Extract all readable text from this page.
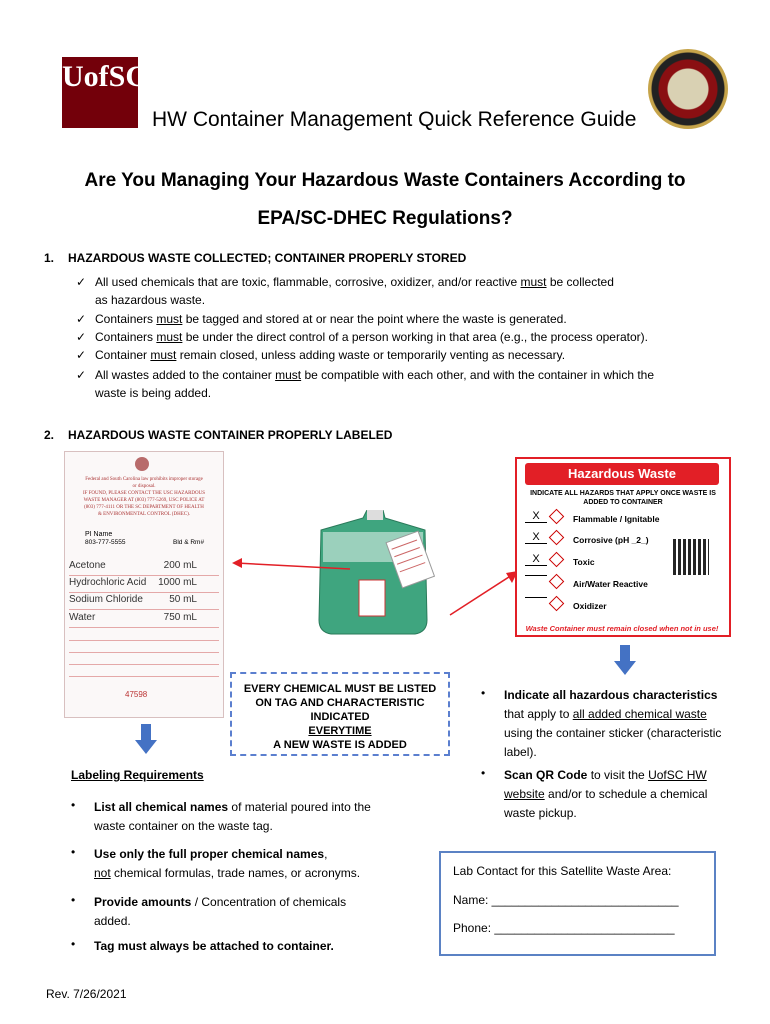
UofSC
HW Container Management Quick Reference Guide
Are You Managing Your Hazardous Waste Containers According to
EPA/SC-DHEC Regulations?
1. HAZARDOUS WASTE COLLECTED; CONTAINER PROPERLY STORED
✓ All used chemicals that are toxic, flammable, corrosive, oxidizer, and/or reactive must be collected
as hazardous waste.
✓ Containers must be tagged and stored at or near the point where the waste is generated.
✓ Containers must be under the direct control of a person working in that area (e.g., the process operator).
✓ Container must remain closed, unless adding waste or temporarily venting as necessary.
✓ All wastes added to the container must be compatible with each other, and with the container in which the
waste is being added.
2. HAZARDOUS WASTE CONTAINER PROPERLY LABELED
Federal and South Carolina law prohibits improper storage
or disposal.
IF FOUND, PLEASE CONTACT THE USC HAZARDOUS
WASTE MANAGER AT (803) 777-5269, USC POLICE AT
(803) 777-4111 OR THE SC DEPARTMENT OF HEALTH
& ENVIRONMENTAL CONTROL (DHEC).
PI Name
803-777-5555	Bld & Rm#
Acetone	200 mL
Hydrochloric Acid 1000 mL
Sodium Chloride	50 mL
Water	750 mL
47598
Hazardous Waste
INDICATE ALL HAZARDS THAT APPLY ONCE WASTE IS
ADDED TO CONTAINER
X	Flammable / Ignitable
X	Corrosive (pH _2_)
X	Toxic
Air/Water Reactive
Oxidizer
Waste Container must remain closed when not in use!
EVERY CHEMICAL MUST BE LISTED
ON TAG AND CHARACTERISTIC
INDICATED
EVERYTIME
A NEW WASTE IS ADDED
• Indicate all hazardous characteristics
that apply to all added chemical waste
using the container sticker (characteristic
label).
• Scan QR Code to visit the UofSC HW
website and/or to schedule a chemical
waste pickup.
Labeling Requirements
• List all chemical names of material poured into the
waste container on the waste tag.
• Use only the full proper chemical names,
not chemical formulas, trade names, or acronyms.
• Provide amounts / Concentration of chemicals
added.
• Tag must always be attached to container.
Lab Contact for this Satellite Waste Area:
Name: ____________________________
Phone: ___________________________
Rev. 7/26/2021
